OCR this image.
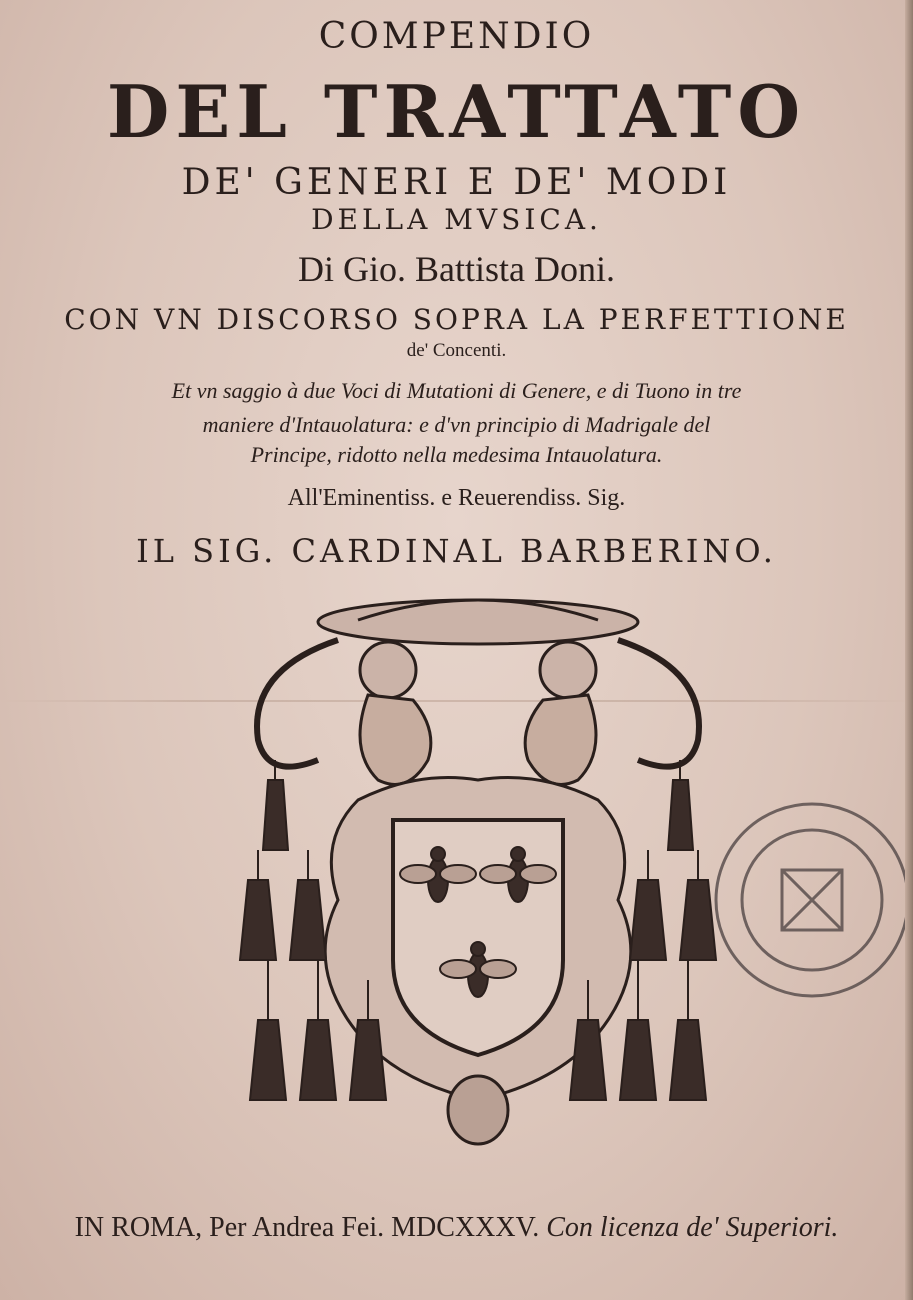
COMPENDIO
DEL TRATTATO
DE' GENERI E DE' MODI
DELLA MVSICA.
Di Gio. Battista Doni.
CON VN DISCORSO SOPRA LA PERFETTIONE
de' Concenti.
Et vn saggio à due Voci di Mutationi di Genere, e di Tuono in tre
maniere d'Intauolatura: e d'vn principio di Madrigale del
Principe, ridotto nella medesima Intauolatura.
All'Eminentiss. e Reuerendiss. Sig.
IL SIG. CARDINAL BARBERINO.
IN ROMA, Per Andrea Fei. MDCXXXV. Con licenza de' Superiori.
